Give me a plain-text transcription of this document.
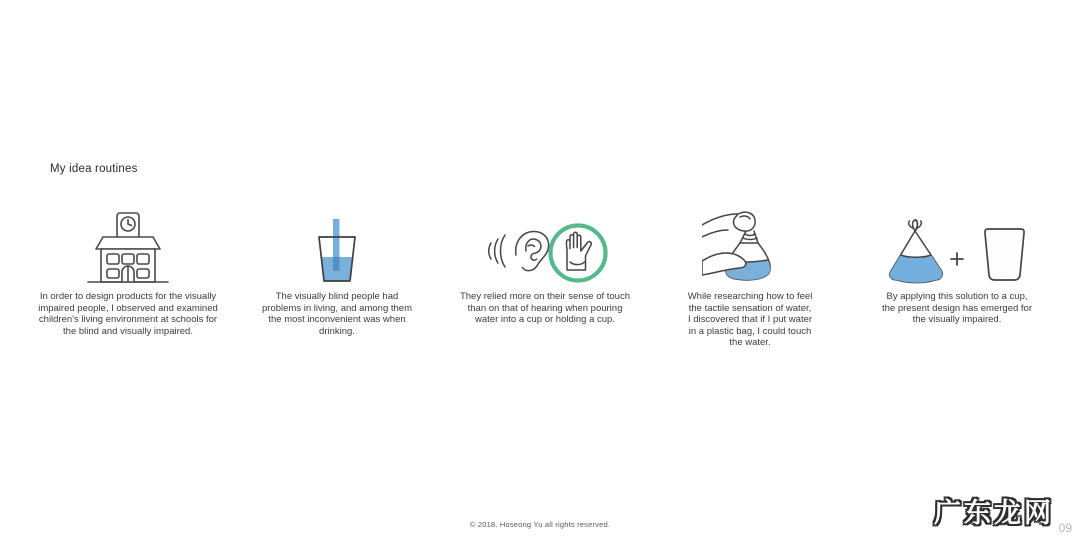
My idea routines
In order to design products for the visually impaired people, I observed and examined children's living environment at schools for the blind and visually impaired.
The visually blind people had problems in living, and among them the most inconvenient was when drinking.
They relied more on their sense of touch than on that of hearing when pouring water into a cup or holding a cup.
While researching how to feel the tactile sensation of water, I discovered that if I put water in a plastic bag, I could touch the water.
By applying this solution to a cup, the present design has emerged for the visually impaired.
© 2018. Hoseong Yu all rights reserved.	广东龙网 09
